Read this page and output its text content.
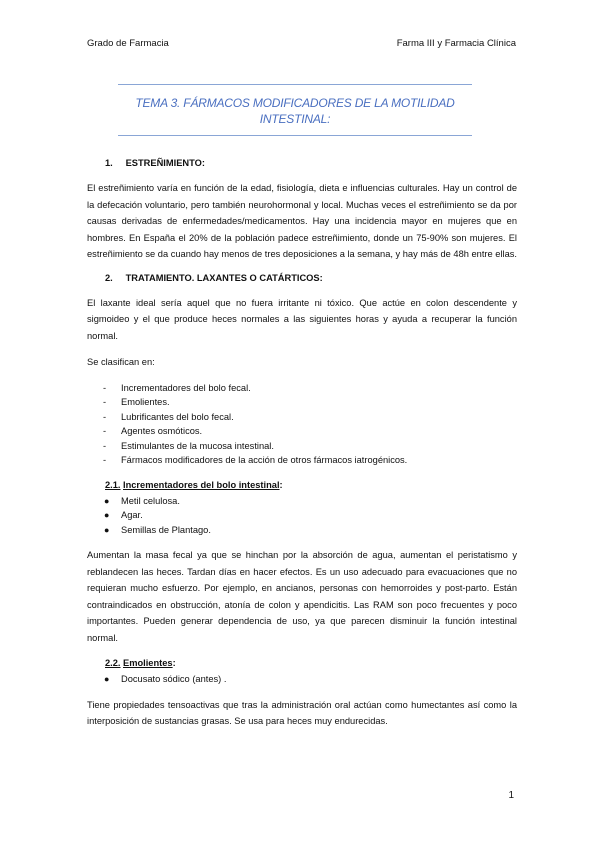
Grado de Farmacia	Farma III y Farmacia Clínica
TEMA 3. FÁRMACOS MODIFICADORES DE LA MOTILIDAD
INTESTINAL:
1. ESTREÑIMIENTO:

El estreñimiento varía en función de la edad, fisiología, dieta e influencias culturales. Hay un control de la defecación voluntario, pero también neurohormonal y local. Muchas veces el estreñimiento se da por causas derivadas de enfermedades/medicamentos. Hay una incidencia mayor en mujeres que en hombres. En España el 20% de la población padece estreñimiento, donde un 75-90% son mujeres. El estreñimiento se da cuando hay menos de tres deposiciones a la semana, y hay más de 48h entre ellas.

2. TRATAMIENTO. LAXANTES O CATÁRTICOS:

El laxante ideal sería aquel que no fuera irritante ni tóxico. Que actúe en colon descendente y sigmoideo y el que produce heces normales a las siguientes horas y ayuda a recuperar la función normal.

Se clasifican en:

- Incrementadores del bolo fecal.
- Emolientes.
- Lubrificantes del bolo fecal.
- Agentes osmóticos.
- Estimulantes de la mucosa intestinal.
- Fármacos modificadores de la acción de otros fármacos iatrogénicos.
2.1. Incrementadores del bolo intestinal:
● Metil celulosa.
● Agar.
● Semillas de Plantago.

Aumentan la masa fecal ya que se hinchan por la absorción de agua, aumentan el peristatismo y reblandecen las heces. Tardan días en hacer efectos. Es un uso adecuado para evacuaciones que no requieran mucho esfuerzo. Por ejemplo, en ancianos, personas con hemorroides y post-parto. Están contraindicados en obstrucción, atonía de colon y apendicitis. Las RAM son poco frecuentes y poco importantes. Pueden generar dependencia de uso, ya que parecen disminuir la función intestinal normal.

2.2. Emolientes:
● Docusato sódico (antes) .

Tiene propiedades tensoactivas que tras la administración oral actúan como humectantes así como la interposición de sustancias grasas. Se usa para heces muy endurecidas.

1
